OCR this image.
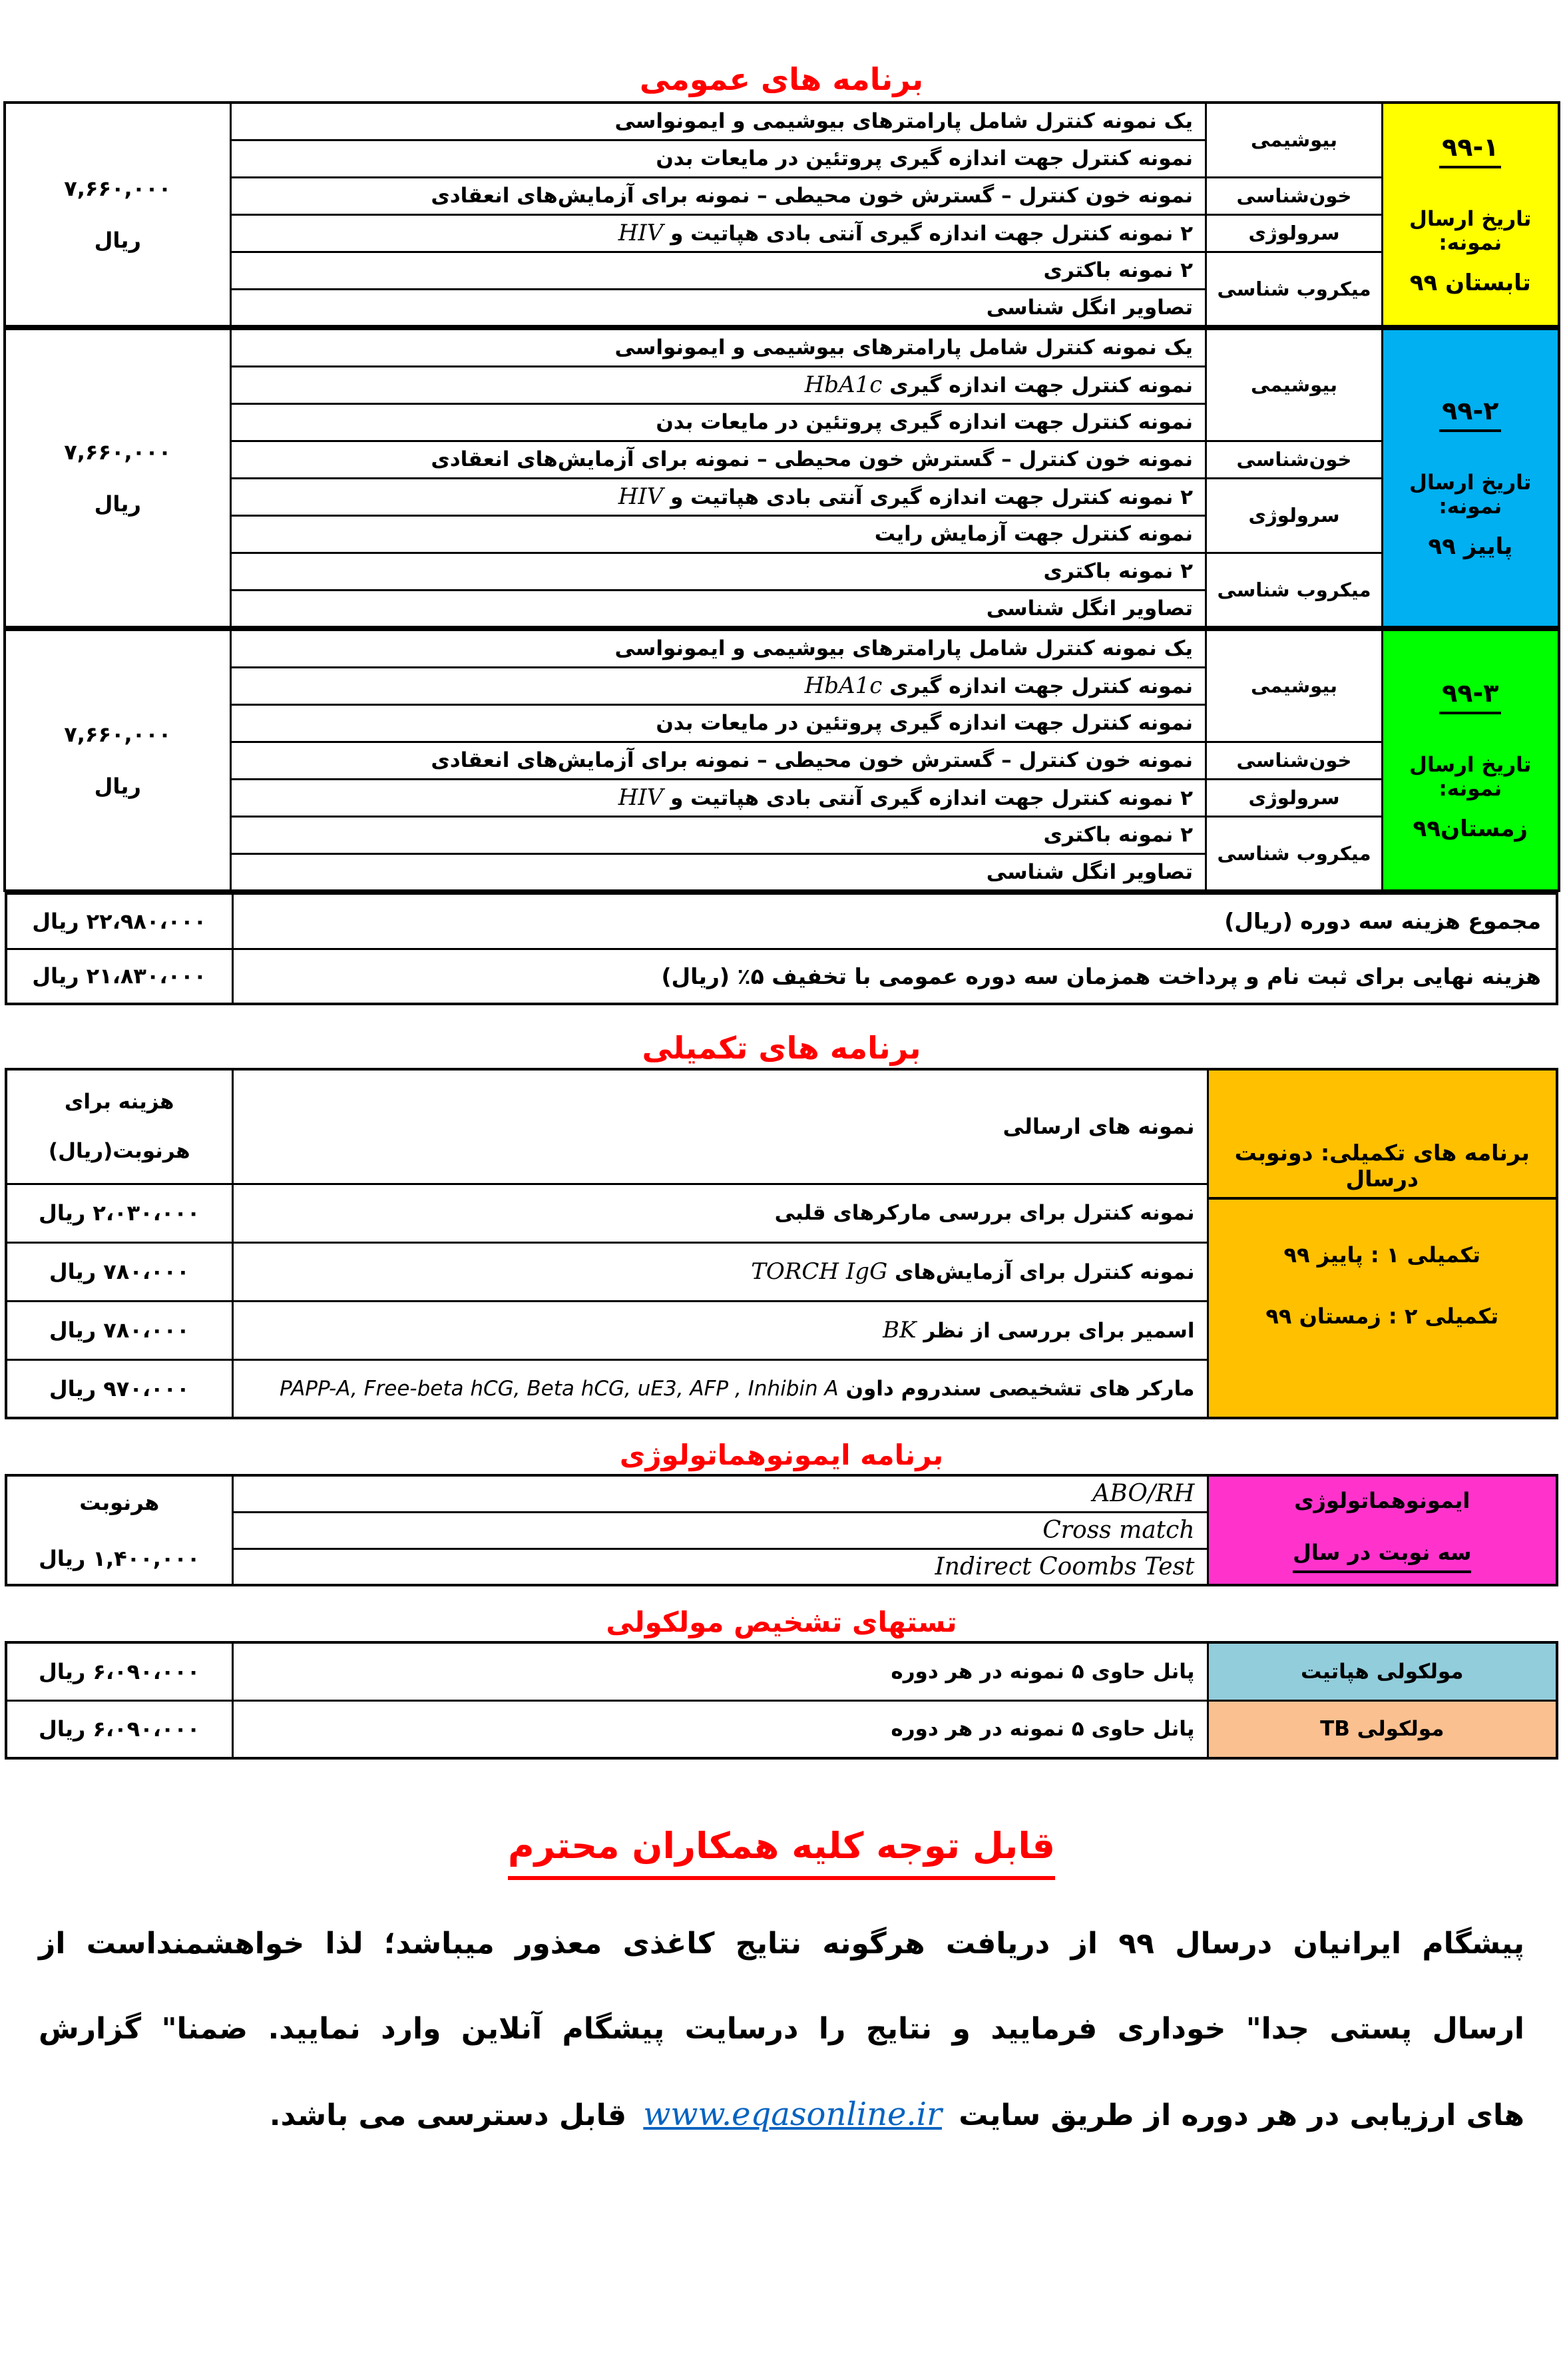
برنامه های عمومی
۹۹-۱
تاریخ ارسال نمونه:
تابستان ۹۹
	بیوشیمی	یک نمونه کنترل شامل پارامترهای بیوشیمی و ایمونواسی	
۷,۶۶۰,۰۰۰
ریال

		نمونه کنترل جهت اندازه گیری پروتئین در مایعات بدن	
	خون‌شناسی	نمونه خون کنترل – گسترش خون محیطی – نمونه برای آزمایش‌های انعقادی	
	سرولوژی	۲ نمونه کنترل جهت اندازه گیری آنتی بادی هپاتیت و HIV	
	میکروب شناسی	۲ نمونه باکتری	
		تصاویر انگل شناسی	
۹۹-۲
تاریخ ارسال نمونه:
پاییز ۹۹
	بیوشیمی	یک نمونه کنترل شامل پارامترهای بیوشیمی و ایمونواسی	
۷,۶۶۰,۰۰۰
ریال

		نمونه کنترل جهت اندازه گیری HbA1c	
		نمونه کنترل جهت اندازه گیری پروتئین در مایعات بدن	
	خون‌شناسی	نمونه خون کنترل – گسترش خون محیطی – نمونه برای آزمایش‌های انعقادی	
	سرولوژی	۲ نمونه کنترل جهت اندازه گیری آنتی بادی هپاتیت و HIV	
		نمونه کنترل جهت آزمایش رایت	
	میکروب شناسی	۲ نمونه باکتری	
		تصاویر انگل شناسی	
۹۹-۳
تاریخ ارسال نمونه:
زمستان۹۹
	بیوشیمی	یک نمونه کنترل شامل پارامترهای بیوشیمی و ایمونواسی	
۷,۶۶۰,۰۰۰
ریال

		نمونه کنترل جهت اندازه گیری HbA1c	
		نمونه کنترل جهت اندازه گیری پروتئین در مایعات بدن	
	خون‌شناسی	نمونه خون کنترل – گسترش خون محیطی – نمونه برای آزمایش‌های انعقادی	
	سرولوژی	۲ نمونه کنترل جهت اندازه گیری آنتی بادی هپاتیت و HIV	
	میکروب شناسی	۲ نمونه باکتری	
		تصاویر انگل شناسی	
مجموع هزینه سه دوره (ریال)	۲۲،۹۸۰،۰۰۰ ریال
هزینه نهایی برای ثبت نام و پرداخت همزمان سه دوره عمومی با تخفیف ۵٪ (ریال)	۲۱،۸۳۰،۰۰۰ ریال
برنامه های تکمیلی
برنامه های تکمیلی: دونوبت درسال
تکمیلی ۱ : پاییز ۹۹
تکمیلی ۲ : زمستان ۹۹	نمونه های ارسالی	هزینه برای هرنوبت(ریال)
	نمونه کنترل برای بررسی مارکرهای قلبی	۲،۰۳۰،۰۰۰ ریال
	نمونه کنترل برای آزمایش‌های TORCH IgG	۷۸۰،۰۰۰ ریال
	اسمیر برای بررسی از نظر BK	۷۸۰،۰۰۰ ریال
	مارکر های تشخیصی سندروم داون PAPP-A, Free-beta hCG, Beta hCG, uE3, AFP , Inhibin A	۹۷۰،۰۰۰ ریال
برنامه ایمونوهماتولوژی
ایمونوهماتولوژی
سه نوبت در سال
	ABO/RH	
هرنوبت
۱,۴۰۰,۰۰۰ ریال

Cross match
Indirect Coombs Test
تستهای تشخیص مولکولی
مولکولی هپاتیت	پانل حاوی ۵ نمونه در هر دوره	۶،۰۹۰،۰۰۰ ریال
مولکولی TB	پانل حاوی ۵ نمونه در هر دوره	۶،۰۹۰،۰۰۰ ریال
قابل توجه کلیه همکاران محترم

پیشگام ایرانیان درسال ۹۹ از دریافت هرگونه نتایج کاغذی معذور میباشد؛ لذا خواهشمنداست از

ارسال پستی جدا" خوداری فرمایید و نتایج را درسایت پیشگام آنلاین وارد نمایید. ضمنا" گزارش

های ارزیابی در هر دوره از طریق سایت www.eqasonline.ir قابل دسترسی می باشد.
